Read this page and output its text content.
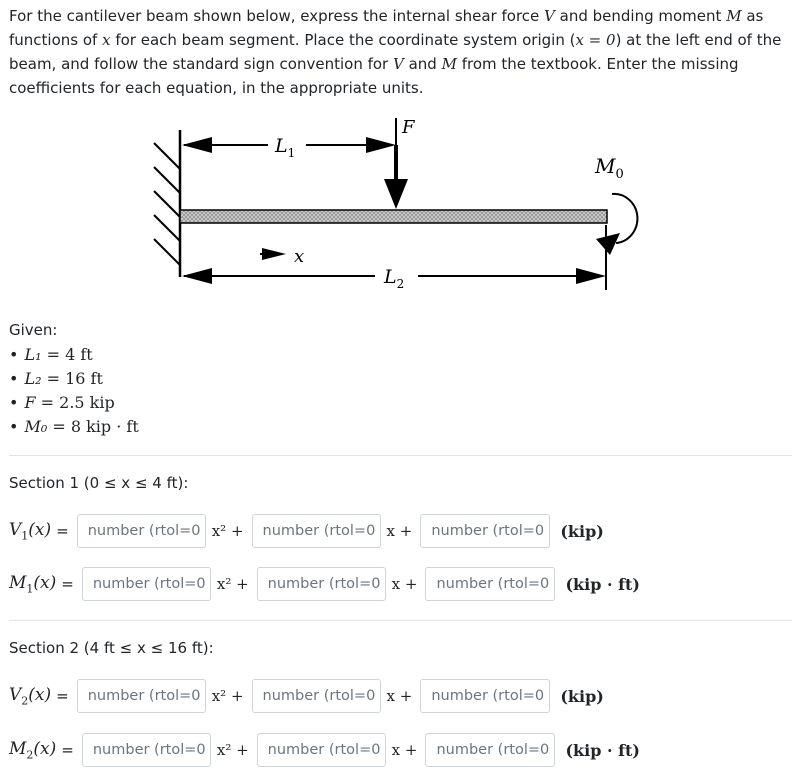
For the cantilever beam shown below, express the internal shear force V and bending moment M as functions of x for each beam segment. Place the coordinate system origin (x = 0) at the left end of the beam, and follow the standard sign convention for V and M from the textbook. Enter the missing coefficients for each equation, in the appropriate units.

$L_1$
F
$M_0$
x
$L_2$
Given:
• L₁ = 4 ft
• L₂ = 16 ft
• F = 2.5 kip
• M₀ = 8 kip · ft
Section 1 (0 ≤ x ≤ 4 ft):
$V_1(x)$ =	number (rtol=0 x² +	number (rtol=0 x +	number (rtol=0	(kip)
$M_1(x)$ =	number (rtol=0 x² +	number (rtol=0 x +	number (rtol=0	(kip · ft)
Section 2 (4 ft ≤ x ≤ 16 ft):
$V_2(x)$ =	number (rtol=0 x² +	number (rtol=0 x +	number (rtol=0	(kip)
$M_2(x)$ =	number (rtol=0 x² +	number (rtol=0 x +	number (rtol=0	(kip · ft)
